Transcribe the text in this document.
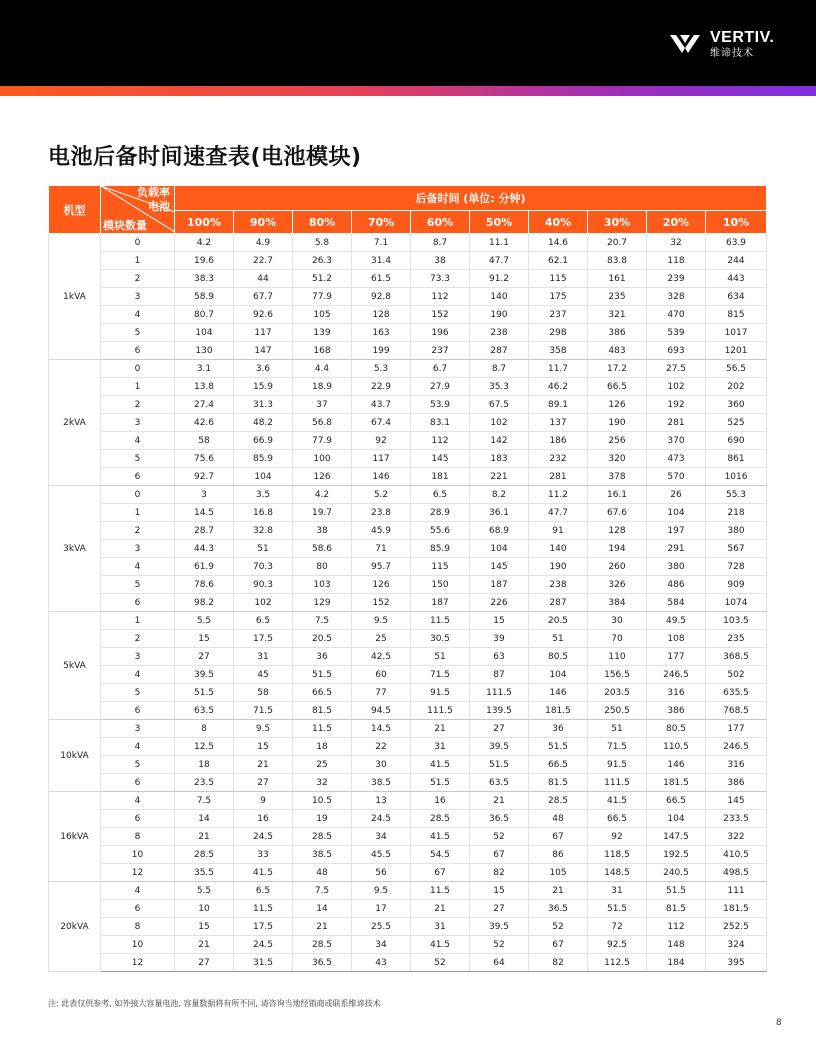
VERTIV.
维谛技术
电池后备时间速查表(电池模块)
机型	负载率
电池
模块数量	后备时间 (单位: 分钟)									
		100%	90%	80%	70%	60%	50%	40%	30%	20%	10%
1kVA	0	4.2	4.9	5.8	7.1	8.7	11.1	14.6	20.7	32	63.9
	1	19.6	22.7	26.3	31.4	38	47.7	62.1	83.8	118	244
	2	38.3	44	51.2	61.5	73.3	91.2	115	161	239	443
	3	58.9	67.7	77.9	92.8	112	140	175	235	328	634
	4	80.7	92.6	105	128	152	190	237	321	470	815
	5	104	117	139	163	196	238	298	386	539	1017
	6	130	147	168	199	237	287	358	483	693	1201
2kVA	0	3.1	3.6	4.4	5.3	6.7	8.7	11.7	17.2	27.5	56.5
	1	13.8	15.9	18.9	22.9	27.9	35.3	46.2	66.5	102	202
	2	27.4	31.3	37	43.7	53.9	67.5	89.1	126	192	360
	3	42.6	48.2	56.8	67.4	83.1	102	137	190	281	525
	4	58	66.9	77.9	92	112	142	186	256	370	690
	5	75.6	85.9	100	117	145	183	232	320	473	861
	6	92.7	104	126	146	181	221	281	378	570	1016
3kVA	0	3	3.5	4.2	5.2	6.5	8.2	11.2	16.1	26	55.3
	1	14.5	16.8	19.7	23.8	28.9	36.1	47.7	67.6	104	218
	2	28.7	32.8	38	45.9	55.6	68.9	91	128	197	380
	3	44.3	51	58.6	71	85.9	104	140	194	291	567
	4	61.9	70.3	80	95.7	115	145	190	260	380	728
	5	78.6	90.3	103	126	150	187	238	326	486	909
	6	98.2	102	129	152	187	226	287	384	584	1074
5kVA	1	5.5	6.5	7.5	9.5	11.5	15	20.5	30	49.5	103.5
	2	15	17.5	20.5	25	30.5	39	51	70	108	235
	3	27	31	36	42.5	51	63	80.5	110	177	368.5
	4	39.5	45	51.5	60	71.5	87	104	156.5	246.5	502
	5	51.5	58	66.5	77	91.5	111.5	146	203.5	316	635.5
	6	63.5	71.5	81.5	94.5	111.5	139.5	181.5	250.5	386	768.5
10kVA	3	8	9.5	11.5	14.5	21	27	36	51	80.5	177
	4	12.5	15	18	22	31	39.5	51.5	71.5	110.5	246.5
	5	18	21	25	30	41.5	51.5	66.5	91.5	146	316
	6	23.5	27	32	38.5	51.5	63.5	81.5	111.5	181.5	386
16kVA	4	7.5	9	10.5	13	16	21	28.5	41.5	66.5	145
	6	14	16	19	24.5	28.5	36.5	48	66.5	104	233.5
	8	21	24.5	28.5	34	41.5	52	67	92	147.5	322
	10	28.5	33	38.5	45.5	54.5	67	86	118.5	192.5	410.5
	12	35.5	41.5	48	56	67	82	105	148.5	240.5	498.5
20kVA	4	5.5	6.5	7.5	9.5	11.5	15	21	31	51.5	111
	6	10	11.5	14	17	21	27	36.5	51.5	81.5	181.5
	8	15	17.5	21	25.5	31	39.5	52	72	112	252.5
	10	21	24.5	28.5	34	41.5	52	67	92.5	148	324
	12	27	31.5	36.5	43	52	64	82	112.5	184	395
注: 此表仅供参考, 如外接大容量电池, 容量数据将有所不同, 请咨询当地经销商或联系维谛技术
8
